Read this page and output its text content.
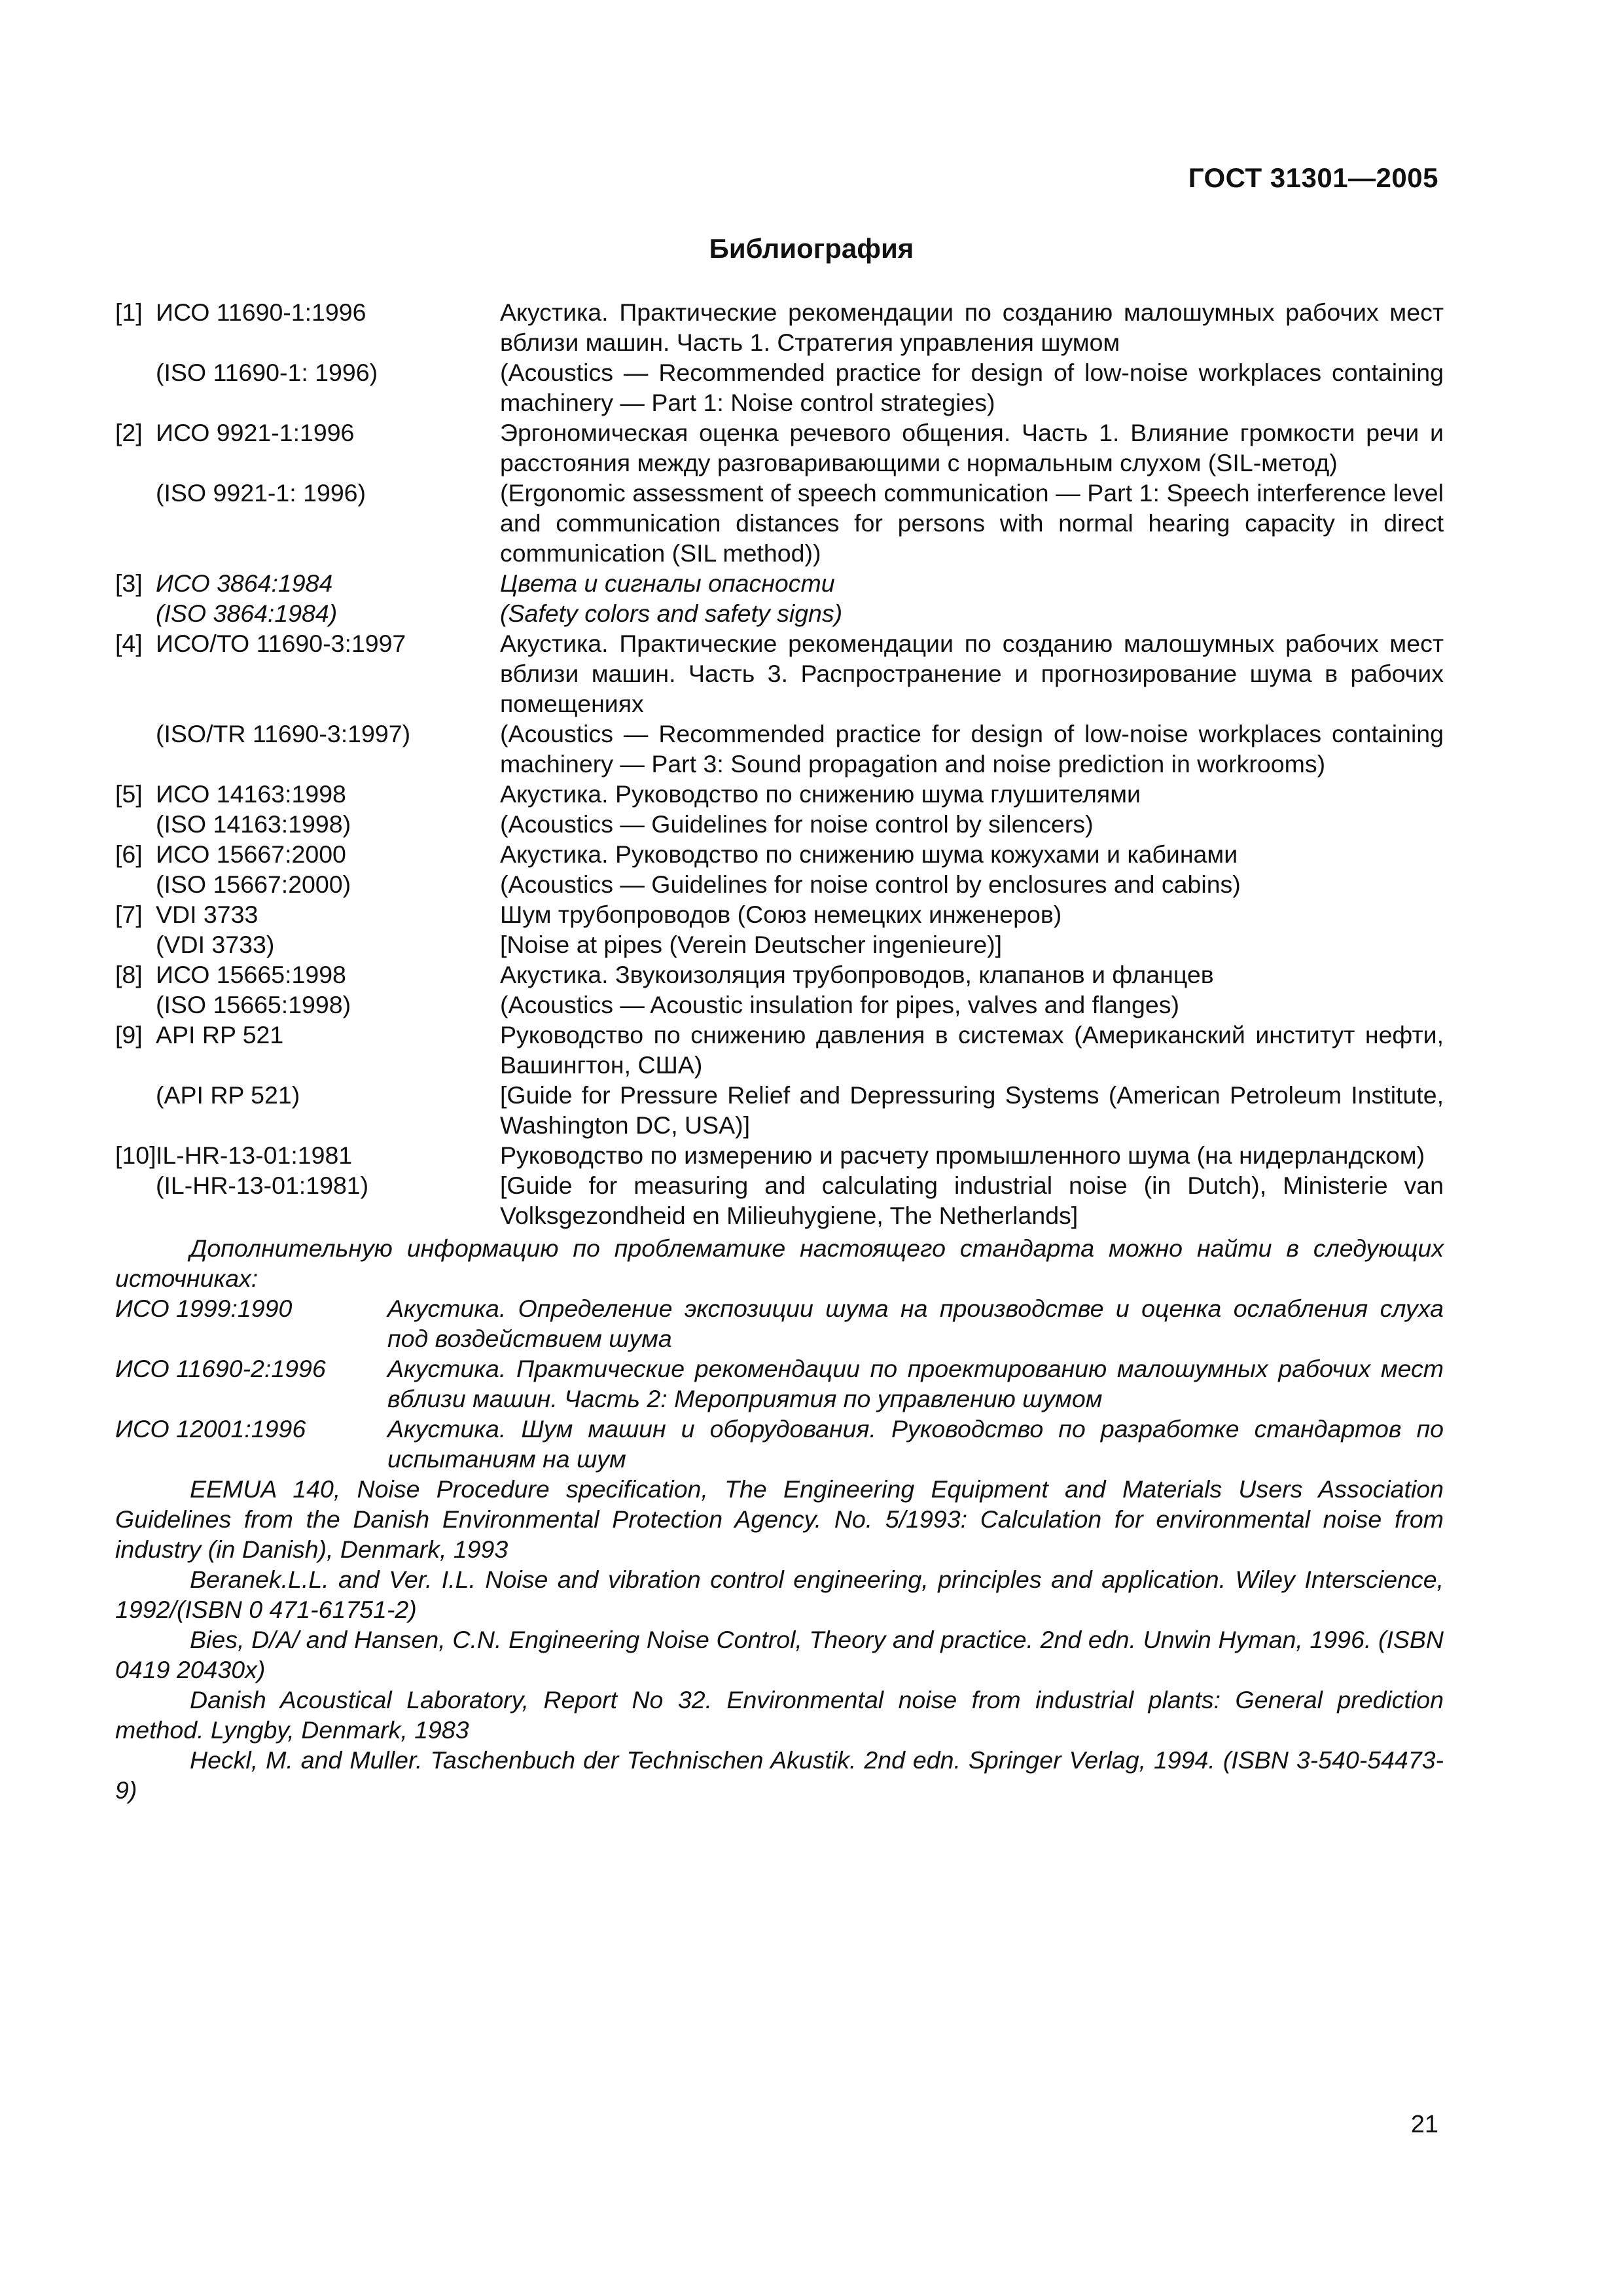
ГОСТ 31301—2005
Библиография
[1] ИСО 11690-1:1996	Акустика. Практические рекомендации по созданию малошумных рабочих мест вблизи машин. Часть 1. Стратегия управления шумом
(ISO 11690-1: 1996)	(Acoustics — Recommended practice for design of low-noise workplaces containing machinery — Part 1: Noise control strategies)
[2] ИСО 9921-1:1996	Эргономическая оценка речевого общения. Часть 1. Влияние громкости речи и расстояния между разговаривающими с нормальным слухом (SIL-метод)
(ISO 9921-1: 1996)	(Ergonomic assessment of speech communication — Part 1: Speech interference level and communication distances for persons with normal hearing capacity in direct communication (SIL method))
[3] ИСО 3864:1984	Цвета и сигналы опасности
(ISO 3864:1984)	(Safety colors and safety signs)
[4] ИСО/ТО 11690-3:1997	Акустика. Практические рекомендации по созданию малошумных рабочих мест вблизи машин. Часть 3. Распространение и прогнозирование шума в рабочих помещениях
(ISO/TR 11690-3:1997)	(Acoustics — Recommended practice for design of low-noise workplaces containing machinery — Part 3: Sound propagation and noise prediction in workrooms)
[5] ИСО 14163:1998	Акустика. Руководство по снижению шума глушителями
(ISO 14163:1998)	(Acoustics — Guidelines for noise control by silencers)
[6] ИСО 15667:2000	Акустика. Руководство по снижению шума кожухами и кабинами
(ISO 15667:2000)	(Acoustics — Guidelines for noise control by enclosures and cabins)
[7] VDI 3733	Шум трубопроводов (Союз немецких инженеров)
(VDI 3733)	[Noise at pipes (Verein Deutscher ingenieure)]
[8] ИСО 15665:1998	Акустика. Звукоизоляция трубопроводов, клапанов и фланцев
(ISO 15665:1998)	(Acoustics — Acoustic insulation for pipes, valves and flanges)
[9] API RP 521	Руководство по снижению давления в системах (Американский институт нефти, Вашингтон, США)
(API RP 521)	[Guide for Pressure Relief and Depressuring Systems (American Petroleum Institute, Washington DC, USA)]
[10] IL-HR-13-01:1981	Руководство по измерению и расчету промышленного шума (на нидерландском)
(IL-HR-13-01:1981)	[Guide for measuring and calculating industrial noise (in Dutch), Ministerie van Volksgezondheid en Milieuhygiene, The Netherlands]
Дополнительную информацию по проблематике настоящего стандарта можно найти в следующих источниках:
ИСО 1999:1990	Акустика. Определение экспозиции шума на производстве и оценка ослабления слуха под воздействием шума
ИСО 11690-2:1996	Акустика. Практические рекомендации по проектированию малошумных рабочих мест вблизи машин. Часть 2: Мероприятия по управлению шумом
ИСО 12001:1996	Акустика. Шум машин и оборудования. Руководство по разработке стандартов по испытаниям на шум
EEMUA 140, Noise Procedure specification, The Engineering Equipment and Materials Users Association Guidelines from the Danish Environmental Protection Agency. No. 5/1993: Calculation for environmental noise from industry (in Danish), Denmark, 1993
Beranek.L.L. and Ver. I.L. Noise and vibration control engineering, principles and application. Wiley Interscience, 1992/(ISBN 0 471-61751-2)
Bies, D/A/ and Hansen, C.N. Engineering Noise Control, Theory and practice. 2nd edn. Unwin Hyman, 1996. (ISBN 0419 20430x)
Danish Acoustical Laboratory, Report No 32. Environmental noise from industrial plants: General prediction method. Lyngby, Denmark, 1983
Heckl, M. and Muller. Taschenbuch der Technischen Akustik. 2nd edn. Springer Verlag, 1994. (ISBN 3-540-54473-9)
21
